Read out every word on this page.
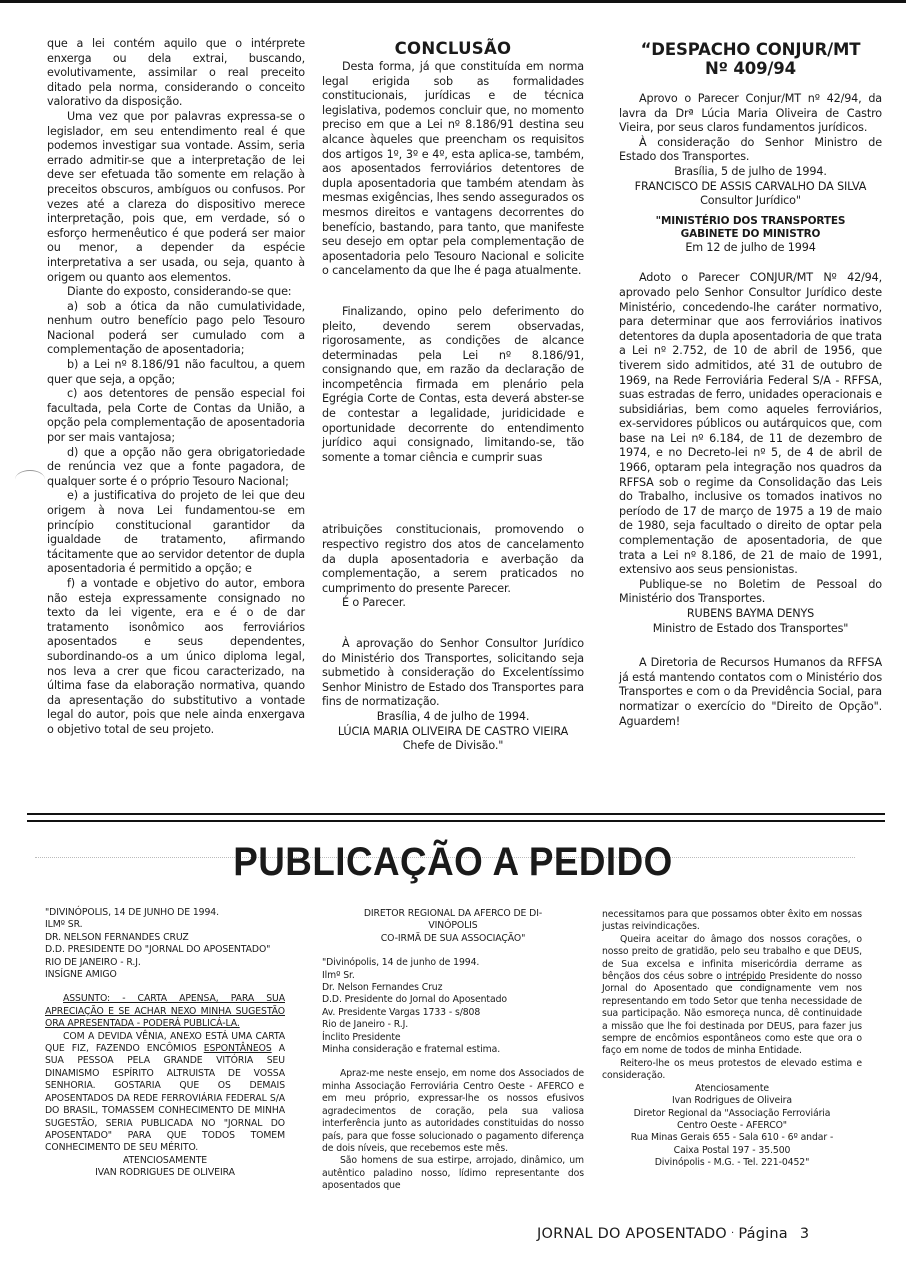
que a lei contém aquilo que o intérprete enxerga ou dela extrai, buscando, evolutivamente, assimilar o real preceito ditado pela norma, considerando o conceito valorativo da disposição.

Uma vez que por palavras expressa-se o legislador, em seu entendimento real é que podemos investigar sua vontade. Assim, seria errado admitir-se que a interpretação de lei deve ser efetuada tão somente em relação à preceitos obscuros, ambíguos ou confusos. Por vezes até a clareza do dispositivo merece interpretação, pois que, em verdade, só o esforço hermenêutico é que poderá ser maior ou menor, a depender da espécie interpretativa a ser usada, ou seja, quanto à origem ou quanto aos elementos.

Diante do exposto, considerando-se que:

a) sob a ótica da não cumulatividade, nenhum outro benefício pago pelo Tesouro Nacional poderá ser cumulado com a complementação de aposentadoria;

b) a Lei nº 8.186/91 não facultou, a quem quer que seja, a opção;

c) aos detentores de pensão especial foi facultada, pela Corte de Contas da União, a opção pela complementação de aposentadoria por ser mais vantajosa;

d) que a opção não gera obrigatoriedade de renúncia vez que a fonte pagadora, de qualquer sorte é o próprio Tesouro Nacional;

e) a justificativa do projeto de lei que deu origem à nova Lei fundamentou-se em princípio constitucional garantidor da igualdade de tratamento, afirmando tácitamente que ao servidor detentor de dupla aposentadoria é permitido a opção; e

f) a vontade e objetivo do autor, embora não esteja expressamente consignado no texto da lei vigente, era e é o de dar tratamento isonômico aos ferroviários aposentados e seus dependentes, subordinando-os a um único diploma legal, nos leva a crer que ficou caracterizado, na última fase da elaboração normativa, quando da apresentação do substitutivo a vontade legal do autor, pois que nele ainda enxergava o objetivo total de seu projeto.

CONCLUSÃO

Desta forma, já que constituída em norma legal erigida sob as formalidades constitucionais, jurídicas e de técnica legislativa, podemos concluir que, no momento preciso em que a Lei nº 8.186/91 destina seu alcance àqueles que preencham os requisitos dos artigos 1º, 3º e 4º, esta aplica-se, também, aos aposentados ferroviários detentores de dupla aposentadoria que também atendam às mesmas exigências, lhes sendo assegurados os mesmos direitos e vantagens decorrentes do benefício, bastando, para tanto, que manifeste seu desejo em optar pela complementação de aposentadoria pelo Tesouro Nacional e solicite o cancelamento da que lhe é paga atualmente.

Finalizando, opino pelo deferimento do pleito, devendo serem observadas, rigorosamente, as condições de alcance determinadas pela Lei nº 8.186/91, consignando que, em razão da declaração de incompetência firmada em plenário pela Egrégia Corte de Contas, esta deverá abster-se de contestar a legalidade, juridicidade e oportunidade decorrente do entendimento jurídico aqui consignado, limitando-se, tão somente a tomar ciência e cumprir suas

atribuições constitucionais, promovendo o respectivo registro dos atos de cancelamento da dupla aposentadoria e averbação da complementação, a serem praticados no cumprimento do presente Parecer.

É o Parecer.

À aprovação do Senhor Consultor Jurídico do Ministério dos Transportes, solicitando seja submetido à consideração do Excelentíssimo Senhor Ministro de Estado dos Transportes para fins de normatização.

Brasília, 4 de julho de 1994.

LÚCIA MARIA OLIVEIRA DE CASTRO VIEIRA

Chefe de Divisão."

“DESPACHO CONJUR/MT
Nº 409/94

Aprovo o Parecer Conjur/MT nº 42/94, da lavra da Drª Lúcia Maria Oliveira de Castro Vieira, por seus claros fundamentos jurídicos.

À consideração do Senhor Ministro de Estado dos Transportes.

Brasília, 5 de julho de 1994.

FRANCISCO DE ASSIS CARVALHO DA SILVA

Consultor Jurídico"

"MINISTÉRIO DOS TRANSPORTES
GABINETE DO MINISTRO

Em 12 de julho de 1994

Adoto o Parecer CONJUR/MT Nº 42/94, aprovado pelo Senhor Consultor Jurídico deste Ministério, concedendo-lhe caráter normativo, para determinar que aos ferroviários inativos detentores da dupla aposentadoria de que trata a Lei nº 2.752, de 10 de abril de 1956, que tiverem sido admitidos, até 31 de outubro de 1969, na Rede Ferroviária Federal S/A - RFFSA, suas estradas de ferro, unidades operacionais e subsidiárias, bem como aqueles ferroviários, ex-servidores públicos ou autárquicos que, com base na Lei nº 6.184, de 11 de dezembro de 1974, e no Decreto-lei nº 5, de 4 de abril de 1966, optaram pela integração nos quadros da RFFSA sob o regime da Consolidação das Leis do Trabalho, inclusive os tomados inativos no período de 17 de março de 1975 a 19 de maio de 1980, seja facultado o direito de optar pela complementação de aposentadoria, de que trata a Lei nº 8.186, de 21 de maio de 1991, extensivo aos seus pensionistas.

Publique-se no Boletim de Pessoal do Ministério dos Transportes.

RUBENS BAYMA DENYS

Ministro de Estado dos Transportes"

A Diretoria de Recursos Humanos da RFFSA já está mantendo contatos com o Ministério dos Transportes e com o da Previdência Social, para normatizar o exercício do "Direito de Opção". Aguardem!

PUBLICAÇÃO A PEDIDO

"DIVINÓPOLIS, 14 DE JUNHO DE 1994.

ILMº SR.

DR. NELSON FERNANDES CRUZ

D.D. PRESIDENTE DO "JORNAL DO APOSENTADO"

RIO DE JANEIRO - R.J.

INSÍGNE AMIGO

ASSUNTO: - CARTA APENSA, PARA SUA APRECIAÇÃO E SE ACHAR NEXO MINHA SUGESTÃO ORA APRESENTADA - PODERÁ PUBLICÁ-LA.

COM A DEVIDA VÊNIA, ANEXO ESTÁ UMA CARTA QUE FIZ, FAZENDO ENCÔMIOS ESPONTÂNEOS A SUA PESSOA PELA GRANDE VITÓRIA SEU DINAMISMO ESPÍRITO ALTRUISTA DE VOSSA SENHORIA. GOSTARIA QUE OS DEMAIS APOSENTADOS DA REDE FERROVIÁRIA FEDERAL S/A DO BRASIL, TOMASSEM CONHECIMENTO DE MINHA SUGESTÃO, SERIA PUBLICADA NO "JORNAL DO APOSENTADO" PARA QUE TODOS TOMEM CONHECIMENTO DE SEU MÉRITO.

ATENCIOSAMENTE

IVAN RODRIGUES DE OLIVEIRA

DIRETOR REGIONAL DA AFERCO DE DI-

VINÓPOLIS

CO-IRMÃ DE SUA ASSOCIAÇÃO"

"Divinópolis, 14 de junho de 1994.

Ilmº Sr.

Dr. Nelson Fernandes Cruz

D.D. Presidente do Jornal do Aposentado

Av. Presidente Vargas 1733 - s/808

Rio de Janeiro - R.J.

Ínclito Presidente

Minha consideração e fraternal estima.

Apraz-me neste ensejo, em nome dos Associados de minha Associação Ferroviária Centro Oeste - AFERCO e em meu próprio, expressar-lhe os nossos efusivos agradecimentos de coração, pela sua valiosa interferência junto as autoridades constituidas do nosso país, para que fosse solucionado o pagamento diferença de dois níveis, que recebemos este mês.

São homens de sua estirpe, arrojado, dinâmico, um autêntico paladino nosso, lídimo representante dos aposentados que

necessitamos para que possamos obter êxito em nossas justas reivindicações.

Queira aceitar do âmago dos nossos corações, o nosso preito de gratidão, pelo seu trabalho e que DEUS, de Sua excelsa e infinita misericórdia derrame as bênçãos dos céus sobre o intrépido Presidente do nosso Jornal do Aposentado que condignamente vem nos representando em todo Setor que tenha necessidade de sua participação. Não esmoreça nunca, dê continuidade a missão que lhe foi destinada por DEUS, para fazer jus sempre de encômios espontâneos como este que ora o faço em nome de todos de minha Entidade.

Reitero-lhe os meus protestos de elevado estima e consideração.

Atenciosamente

Ivan Rodrigues de Oliveira

Diretor Regional da "Associação Ferroviária

Centro Oeste - AFERCO"

Rua Minas Gerais 655 - Sala 610 - 6º andar -

Caixa Postal 197 - 35.500

Divinópolis - M.G. - Tel. 221-0452"

JORNAL DO APOSENTADO · Página 3
